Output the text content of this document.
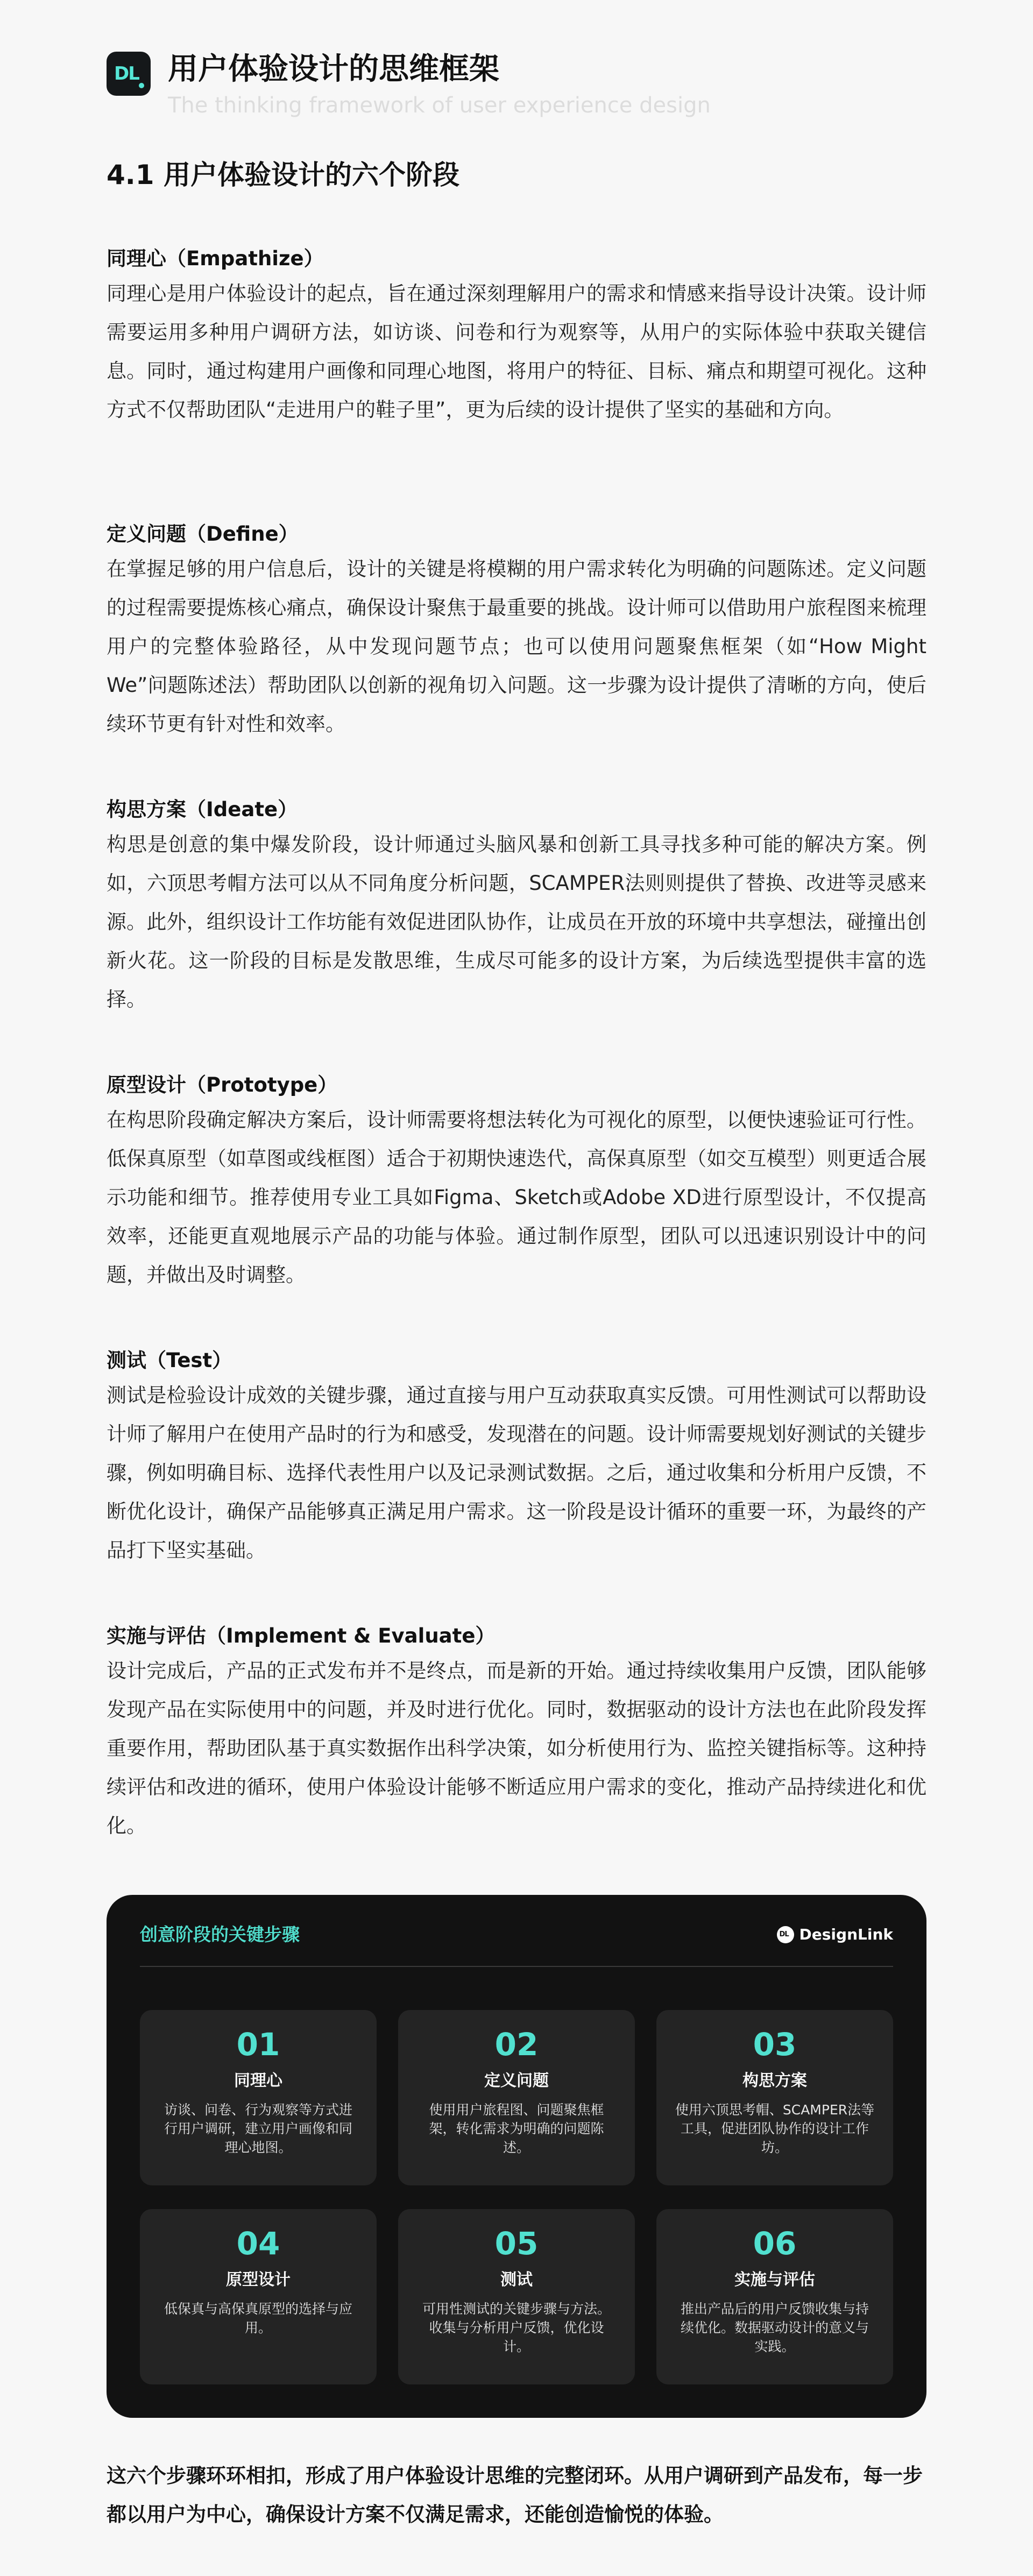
DL 用户体验设计的思维框架
The thinking framework of user experience design
4.1 用户体验设计的六个阶段

同理心（Empathize）

同理心是用户体验设计的起点，旨在通过深刻理解用户的需求和情感来指导设计决策。设计师需要运用多种用户调研方法，如访谈、问卷和行为观察等，从用户的实际体验中获取关键信息。同时，通过构建用户画像和同理心地图，将用户的特征、目标、痛点和期望可视化。这种方式不仅帮助团队“走进用户的鞋子里”，更为后续的设计提供了坚实的基础和方向。

定义问题（Define）

在掌握足够的用户信息后，设计的关键是将模糊的用户需求转化为明确的问题陈述。定义问题的过程需要提炼核心痛点，确保设计聚焦于最重要的挑战。设计师可以借助用户旅程图来梳理用户的完整体验路径，从中发现问题节点；也可以使用问题聚焦框架（如“How Might We”问题陈述法）帮助团队以创新的视角切入问题。这一步骤为设计提供了清晰的方向，使后续环节更有针对性和效率。

构思方案（Ideate）

构思是创意的集中爆发阶段，设计师通过头脑风暴和创新工具寻找多种可能的解决方案。例如，六顶思考帽方法可以从不同角度分析问题，SCAMPER法则则提供了替换、改进等灵感来源。此外，组织设计工作坊能有效促进团队协作，让成员在开放的环境中共享想法，碰撞出创新火花。这一阶段的目标是发散思维，生成尽可能多的设计方案，为后续选型提供丰富的选择。

原型设计（Prototype）

在构思阶段确定解决方案后，设计师需要将想法转化为可视化的原型，以便快速验证可行性。低保真原型（如草图或线框图）适合于初期快速迭代，高保真原型（如交互模型）则更适合展示功能和细节。推荐使用专业工具如Figma、Sketch或Adobe XD进行原型设计，不仅提高效率，还能更直观地展示产品的功能与体验。通过制作原型，团队可以迅速识别设计中的问题，并做出及时调整。

测试（Test）

测试是检验设计成效的关键步骤，通过直接与用户互动获取真实反馈。可用性测试可以帮助设计师了解用户在使用产品时的行为和感受，发现潜在的问题。设计师需要规划好测试的关键步骤，例如明确目标、选择代表性用户以及记录测试数据。之后，通过收集和分析用户反馈，不断优化设计，确保产品能够真正满足用户需求。这一阶段是设计循环的重要一环，为最终的产品打下坚实基础。

实施与评估（Implement & Evaluate）

设计完成后，产品的正式发布并不是终点，而是新的开始。通过持续收集用户反馈，团队能够发现产品在实际使用中的问题，并及时进行优化。同时，数据驱动的设计方法也在此阶段发挥重要作用，帮助团队基于真实数据作出科学决策，如分析使用行为、监控关键指标等。这种持续评估和改进的循环，使用户体验设计能够不断适应用户需求的变化，推动产品持续进化和优化。

创意阶段的关键步骤	DL DesignLink
01
同理心
访谈、问卷、行为观察等方式进行用户调研，建立用户画像和同理心地图。
02
定义问题
使用用户旅程图、问题聚焦框架，转化需求为明确的问题陈述。
03
构思方案
使用六顶思考帽、SCAMPER法等工具，促进团队协作的设计工作坊。
04
原型设计
低保真与高保真原型的选择与应用。
05
测试
可用性测试的关键步骤与方法。收集与分析用户反馈，优化设计。
06
实施与评估
推出产品后的用户反馈收集与持续优化。数据驱动设计的意义与实践。

这六个步骤环环相扣，形成了用户体验设计思维的完整闭环。从用户调研到产品发布，每一步都以用户为中心，确保设计方案不仅满足需求，还能创造愉悦的体验。
